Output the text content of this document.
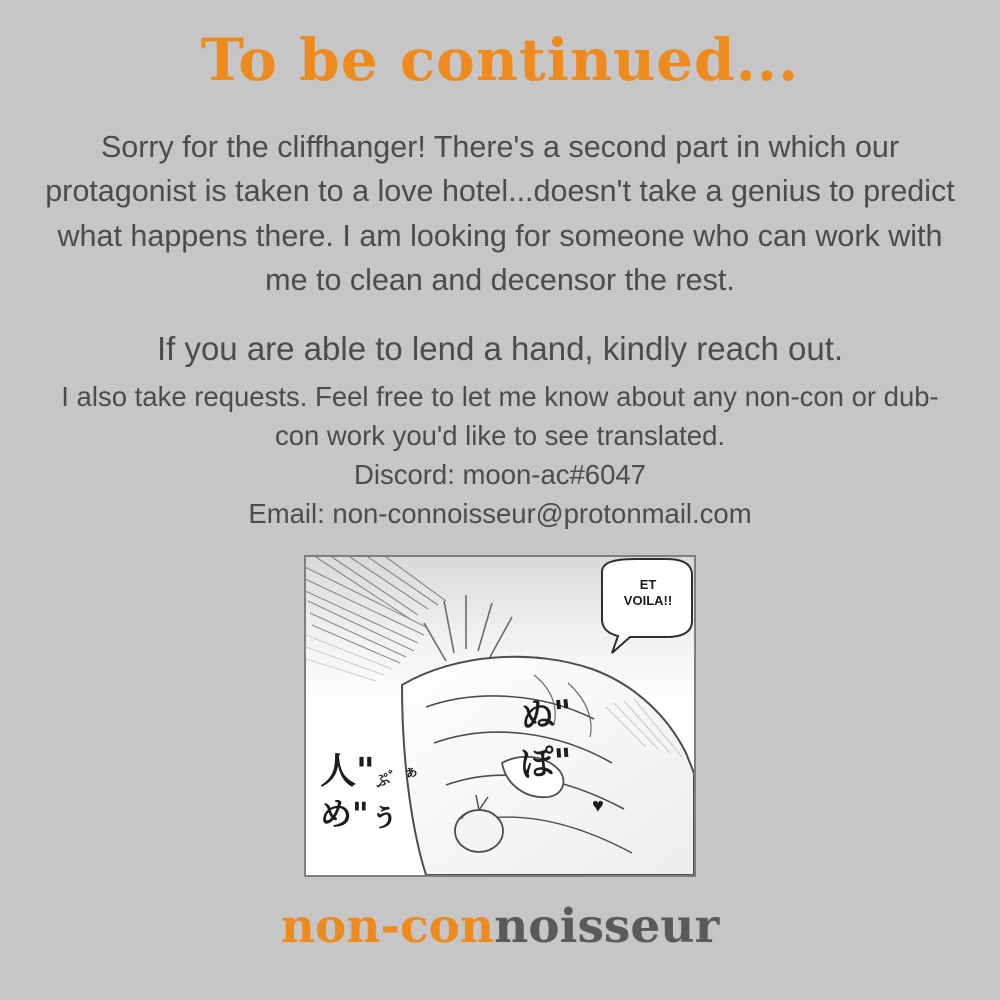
To be continued...
Sorry for the cliffhanger! There's a second part in which our protagonist is taken to a love hotel...doesn't take a genius to predict what happens there. I am looking for someone who can work with me to clean and decensor the rest.
If you are able to lend a hand, kindly reach out.
I also take requests. Feel free to let me know about any non-con or dub-con work you'd like to see translated.
Discord: moon-ac#6047
Email: non-connoisseur@protonmail.com
ET
VOILA!!
ぬ"
ぽ"
人"
め"ぅ
ぷ゛ぁ
♥
non-connoisseur
